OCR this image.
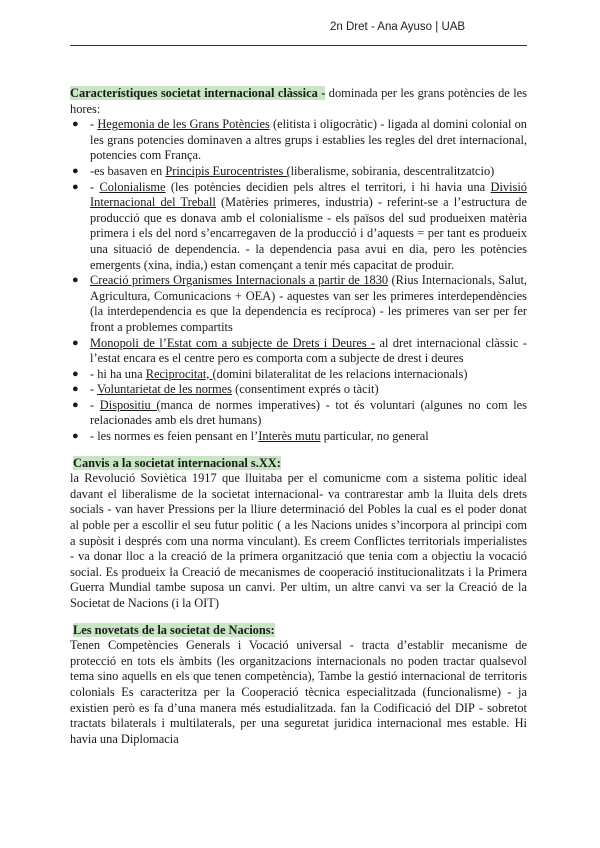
2n Dret - Ana Ayuso | UAB
Característiques societat internacional clàssica - dominada per les grans potències de les hores:
● - Hegemonia de les Grans Potències (elitista i oligocràtic) - ligada al domini colonial on les grans potencies dominaven a altres grups i establies les regles del dret internacional, potencies com França.
● -es basaven en Principis Eurocentristes (liberalisme, sobirania, descentralitzatcio)
● - Colonialisme (les potències decidien pels altres el territori, i hi havia una Divisió Internacional del Treball (Matèries primeres, industria) - referint-se a l’estructura de producció que es donava amb el colonialisme - els països del sud produeixen matèria primera i els del nord s’encarregaven de la producció i d’aquests = per tant es produeix una situació de dependencia. - la dependencia pasa avui en dia, pero les potències emergents (xina, india,) estan començant a tenir més capacitat de produir.
● Creació primers Organismes Internacionals a partir de 1830 (Rius Internacionals, Salut, Agricultura, Comunicacions + OEA) - aquestes van ser les primeres interdependències (la interdependencia es que la dependencia es recíproca) - les primeres van ser per fer front a problemes compartits
● Monopoli de l’Estat com a subjecte de Drets i Deures - al dret internacional clàssic - l’estat encara es el centre pero es comporta com a subjecte de drest i deures
● - hi ha una Reciprocitat, (domini bilateralitat de les relacions internacionals)
● - Voluntarietat de les normes (consentiment exprés o tàcit)
● - Dispositiu (manca de normes imperatives) - tot és voluntari (algunes no com les relacionades amb els dret humans)
● - les normes es feien pensant en l’Interès mutu particular, no general
Canvis a la societat internacional s.XX:
la Revolució Soviètica 1917 que lluitaba per el comunicme com a sistema politic ideal davant el liberalisme de la societat internacional- va contrarestar amb la lluita dels drets socials - van haver Pressions per la lliure determinació del Pobles la cual es el poder donat al poble per a escollir el seu futur politic ( a les Nacions unides s’incorpora al principi com a supòsit i després com una norma vinculant). Es creem Conflictes territorials imperialistes - va donar lloc a la creació de la primera organització que tenia com a objectiu la vocació social. Es produeix la Creació de mecanismes de cooperació institucionalitzats i la Primera Guerra Mundial tambe suposa un canvi. Per ultim, un altre canvi va ser la Creació de la Societat de Nacions (i la OIT)
Les novetats de la societat de Nacions:
Tenen Competències Generals i Vocació universal - tracta d’establir mecanisme de protecció en tots els àmbits (les organitzacions internacionals no poden tractar qualsevol tema sino aquells en els que tenen competència), Tambe la gestió internacional de territoris colonials Es caracteritza per la Cooperació tècnica especialitzada (funcionalisme) - ja existien però es fa d’una manera més estudialitzada. fan la Codificació del DIP - sobretot tractats bilaterals i multilaterals, per una seguretat juridica internacional mes estable. Hi havia una Diplomacia
